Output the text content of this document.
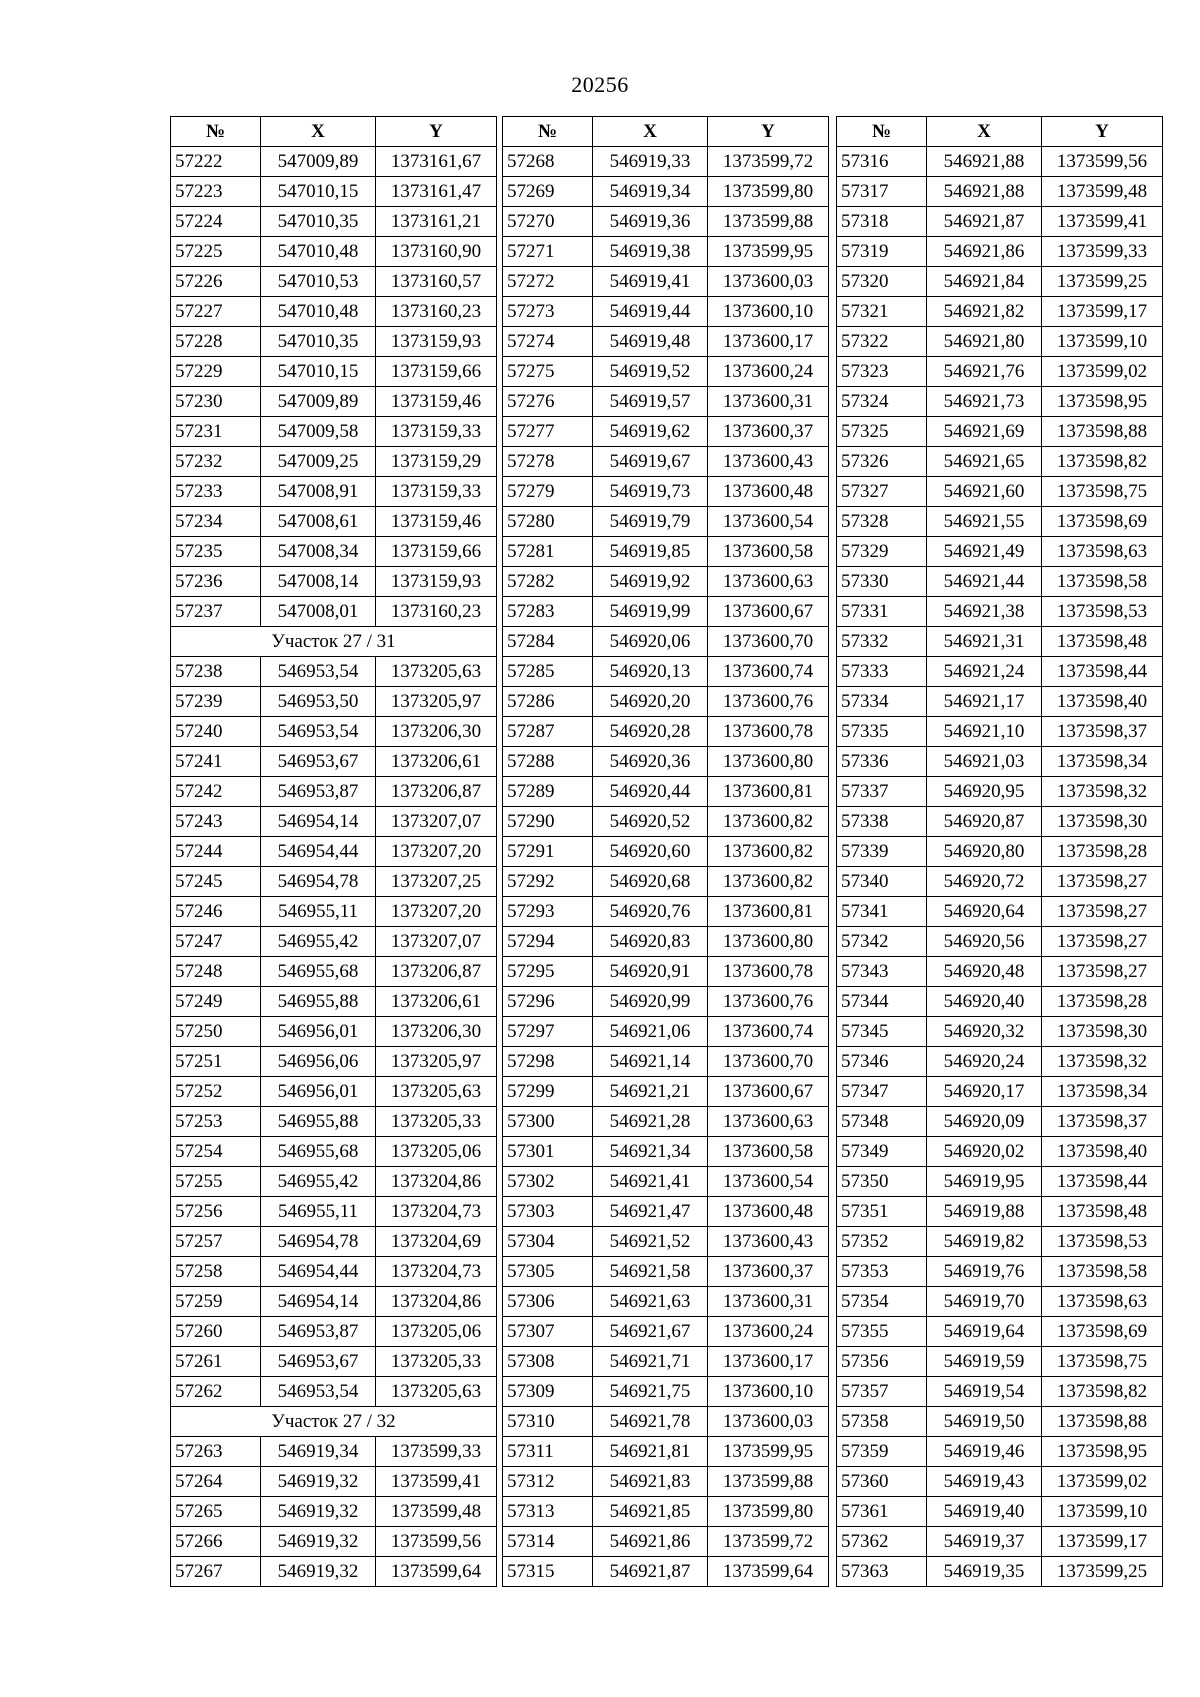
20256
№	X	Y
57222	547009,89	1373161,67
57223	547010,15	1373161,47
57224	547010,35	1373161,21
57225	547010,48	1373160,90
57226	547010,53	1373160,57
57227	547010,48	1373160,23
57228	547010,35	1373159,93
57229	547010,15	1373159,66
57230	547009,89	1373159,46
57231	547009,58	1373159,33
57232	547009,25	1373159,29
57233	547008,91	1373159,33
57234	547008,61	1373159,46
57235	547008,34	1373159,66
57236	547008,14	1373159,93
57237	547008,01	1373160,23
Участок 27 / 31		
57238	546953,54	1373205,63
57239	546953,50	1373205,97
57240	546953,54	1373206,30
57241	546953,67	1373206,61
57242	546953,87	1373206,87
57243	546954,14	1373207,07
57244	546954,44	1373207,20
57245	546954,78	1373207,25
57246	546955,11	1373207,20
57247	546955,42	1373207,07
57248	546955,68	1373206,87
57249	546955,88	1373206,61
57250	546956,01	1373206,30
57251	546956,06	1373205,97
57252	546956,01	1373205,63
57253	546955,88	1373205,33
57254	546955,68	1373205,06
57255	546955,42	1373204,86
57256	546955,11	1373204,73
57257	546954,78	1373204,69
57258	546954,44	1373204,73
57259	546954,14	1373204,86
57260	546953,87	1373205,06
57261	546953,67	1373205,33
57262	546953,54	1373205,63
Участок 27 / 32		
57263	546919,34	1373599,33
57264	546919,32	1373599,41
57265	546919,32	1373599,48
57266	546919,32	1373599,56
57267	546919,32	1373599,64
№	X	Y
57268	546919,33	1373599,72
57269	546919,34	1373599,80
57270	546919,36	1373599,88
57271	546919,38	1373599,95
57272	546919,41	1373600,03
57273	546919,44	1373600,10
57274	546919,48	1373600,17
57275	546919,52	1373600,24
57276	546919,57	1373600,31
57277	546919,62	1373600,37
57278	546919,67	1373600,43
57279	546919,73	1373600,48
57280	546919,79	1373600,54
57281	546919,85	1373600,58
57282	546919,92	1373600,63
57283	546919,99	1373600,67
57284	546920,06	1373600,70
57285	546920,13	1373600,74
57286	546920,20	1373600,76
57287	546920,28	1373600,78
57288	546920,36	1373600,80
57289	546920,44	1373600,81
57290	546920,52	1373600,82
57291	546920,60	1373600,82
57292	546920,68	1373600,82
57293	546920,76	1373600,81
57294	546920,83	1373600,80
57295	546920,91	1373600,78
57296	546920,99	1373600,76
57297	546921,06	1373600,74
57298	546921,14	1373600,70
57299	546921,21	1373600,67
57300	546921,28	1373600,63
57301	546921,34	1373600,58
57302	546921,41	1373600,54
57303	546921,47	1373600,48
57304	546921,52	1373600,43
57305	546921,58	1373600,37
57306	546921,63	1373600,31
57307	546921,67	1373600,24
57308	546921,71	1373600,17
57309	546921,75	1373600,10
57310	546921,78	1373600,03
57311	546921,81	1373599,95
57312	546921,83	1373599,88
57313	546921,85	1373599,80
57314	546921,86	1373599,72
57315	546921,87	1373599,64
№	X	Y
57316	546921,88	1373599,56
57317	546921,88	1373599,48
57318	546921,87	1373599,41
57319	546921,86	1373599,33
57320	546921,84	1373599,25
57321	546921,82	1373599,17
57322	546921,80	1373599,10
57323	546921,76	1373599,02
57324	546921,73	1373598,95
57325	546921,69	1373598,88
57326	546921,65	1373598,82
57327	546921,60	1373598,75
57328	546921,55	1373598,69
57329	546921,49	1373598,63
57330	546921,44	1373598,58
57331	546921,38	1373598,53
57332	546921,31	1373598,48
57333	546921,24	1373598,44
57334	546921,17	1373598,40
57335	546921,10	1373598,37
57336	546921,03	1373598,34
57337	546920,95	1373598,32
57338	546920,87	1373598,30
57339	546920,80	1373598,28
57340	546920,72	1373598,27
57341	546920,64	1373598,27
57342	546920,56	1373598,27
57343	546920,48	1373598,27
57344	546920,40	1373598,28
57345	546920,32	1373598,30
57346	546920,24	1373598,32
57347	546920,17	1373598,34
57348	546920,09	1373598,37
57349	546920,02	1373598,40
57350	546919,95	1373598,44
57351	546919,88	1373598,48
57352	546919,82	1373598,53
57353	546919,76	1373598,58
57354	546919,70	1373598,63
57355	546919,64	1373598,69
57356	546919,59	1373598,75
57357	546919,54	1373598,82
57358	546919,50	1373598,88
57359	546919,46	1373598,95
57360	546919,43	1373599,02
57361	546919,40	1373599,10
57362	546919,37	1373599,17
57363	546919,35	1373599,25
